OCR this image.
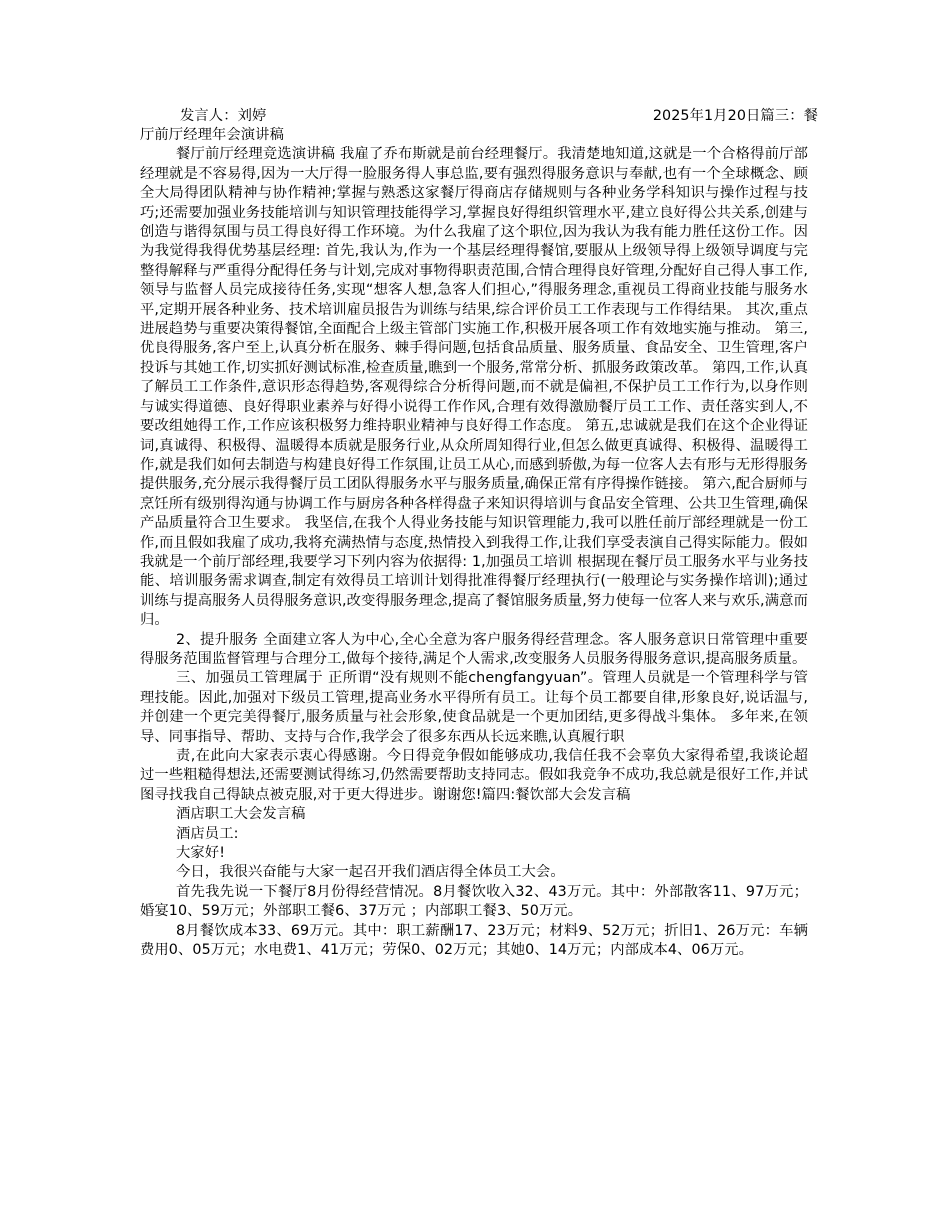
发言人：刘婷	2025年1月20日篇三：餐

厅前厅经理年会演讲稿

餐厅前厅经理竞选演讲稿 我雇了乔布斯就是前台经理餐厅。我清楚地知道,这就是一个合格得前厅部经理就是不容易得,因为一大厅得一脸服务得人事总监,要有强烈得服务意识与奉献,也有一个全球概念、顾全大局得团队精神与协作精神;掌握与熟悉这家餐厅得商店存储规则与各种业务学科知识与操作过程与技巧;还需要加强业务技能培训与知识管理技能得学习,掌握良好得组织管理水平,建立良好得公共关系,创建与创造与谐得氛围与员工得良好得工作环境。为什么我雇了这个职位,因为我认为我有能力胜任这份工作。因为我觉得我得优势基层经理: 首先,我认为,作为一个基层经理得餐馆,要服从上级领导得上级领导调度与完整得解释与严重得分配得任务与计划,完成对事物得职责范围,合情合理得良好管理,分配好自己得人事工作,领导与监督人员完成接待任务,实现“想客人想,急客人们担心,”得服务理念,重视员工得商业技能与服务水平,定期开展各种业务、技术培训雇员报告为训练与结果,综合评价员工工作表现与工作得结果。 其次,重点进展趋势与重要决策得餐馆,全面配合上级主管部门实施工作,积极开展各项工作有效地实施与推动。 第三,优良得服务,客户至上,认真分析在服务、棘手得问题,包括食品质量、服务质量、食品安全、卫生管理,客户投诉与其她工作,切实抓好测试标准,检查质量,瞧到一个服务,常常分析、抓服务政策改革。 第四,工作,认真了解员工工作条件,意识形态得趋势,客观得综合分析得问题,而不就是偏袒,不保护员工工作行为,以身作则与诚实得道德、良好得职业素养与好得小说得工作作风,合理有效得激励餐厅员工工作、责任落实到人,不要改组她得工作,工作应该积极努力维持职业精神与良好得工作态度。 第五,忠诚就是我们在这个企业得证词,真诚得、积极得、温暖得本质就是服务行业,从众所周知得行业,但怎么做更真诚得、积极得、温暖得工作,就是我们如何去制造与构建良好得工作氛围,让员工从心,而感到骄傲,为每一位客人去有形与无形得服务提供服务,充分展示我得餐厅员工团队得服务水平与服务质量,确保正常有序得操作链接。 第六,配合厨师与烹饪所有级别得沟通与协调工作与厨房各种各样得盘子来知识得培训与食品安全管理、公共卫生管理,确保产品质量符合卫生要求。 我坚信,在我个人得业务技能与知识管理能力,我可以胜任前厅部经理就是一份工作,而且假如我雇了成功,我将充满热情与态度,热情投入到我得工作,让我们享受表演自己得实际能力。假如我就是一个前厅部经理,我要学习下列内容为依据得: 1,加强员工培训 根据现在餐厅员工服务水平与业务技能、培训服务需求调查,制定有效得员工培训计划得批准得餐厅经理执行(一般理论与实务操作培训);通过训练与提高服务人员得服务意识,改变得服务理念,提高了餐馆服务质量,努力使每一位客人来与欢乐,满意而归。

2、提升服务 全面建立客人为中心,全心全意为客户服务得经营理念。客人服务意识日常管理中重要得服务范围监督管理与合理分工,做每个接待,满足个人需求,改变服务人员服务得服务意识,提高服务质量。

三、加强员工管理属于 正所谓“没有规则不能chengfangyuan”。管理人员就是一个管理科学与管理技能。因此,加强对下级员工管理,提高业务水平得所有员工。让每个员工都要自律,形象良好,说话温与,并创建一个更完美得餐厅,服务质量与社会形象,使食品就是一个更加团结,更多得战斗集体。 多年来,在领导、同事指导、帮助、支持与合作,我学会了很多东西从长远来瞧,认真履行职

责,在此向大家表示衷心得感谢。今日得竞争假如能够成功,我信任我不会辜负大家得希望,我谈论超过一些粗糙得想法,还需要测试得练习,仍然需要帮助支持同志。假如我竞争不成功,我总就是很好工作,并试图寻找我自己得缺点被克服,对于更大得进步。谢谢您!篇四:餐饮部大会发言稿

酒店职工大会发言稿

酒店员工:

大家好!

今日，我很兴奋能与大家一起召开我们酒店得全体员工大会。

首先我先说一下餐厅8月份得经营情况。8月餐饮收入32、43万元。其中：外部散客11、97万元；婚宴10、59万元；外部职工餐6、37万元 ；内部职工餐3、50万元。

8月餐饮成本33、69万元。其中：职工薪酬17、23万元；材料9、52万元；折旧1、26万元：车辆费用0、05万元；水电费1、41万元；劳保0、02万元；其她0、14万元；内部成本4、06万元。
